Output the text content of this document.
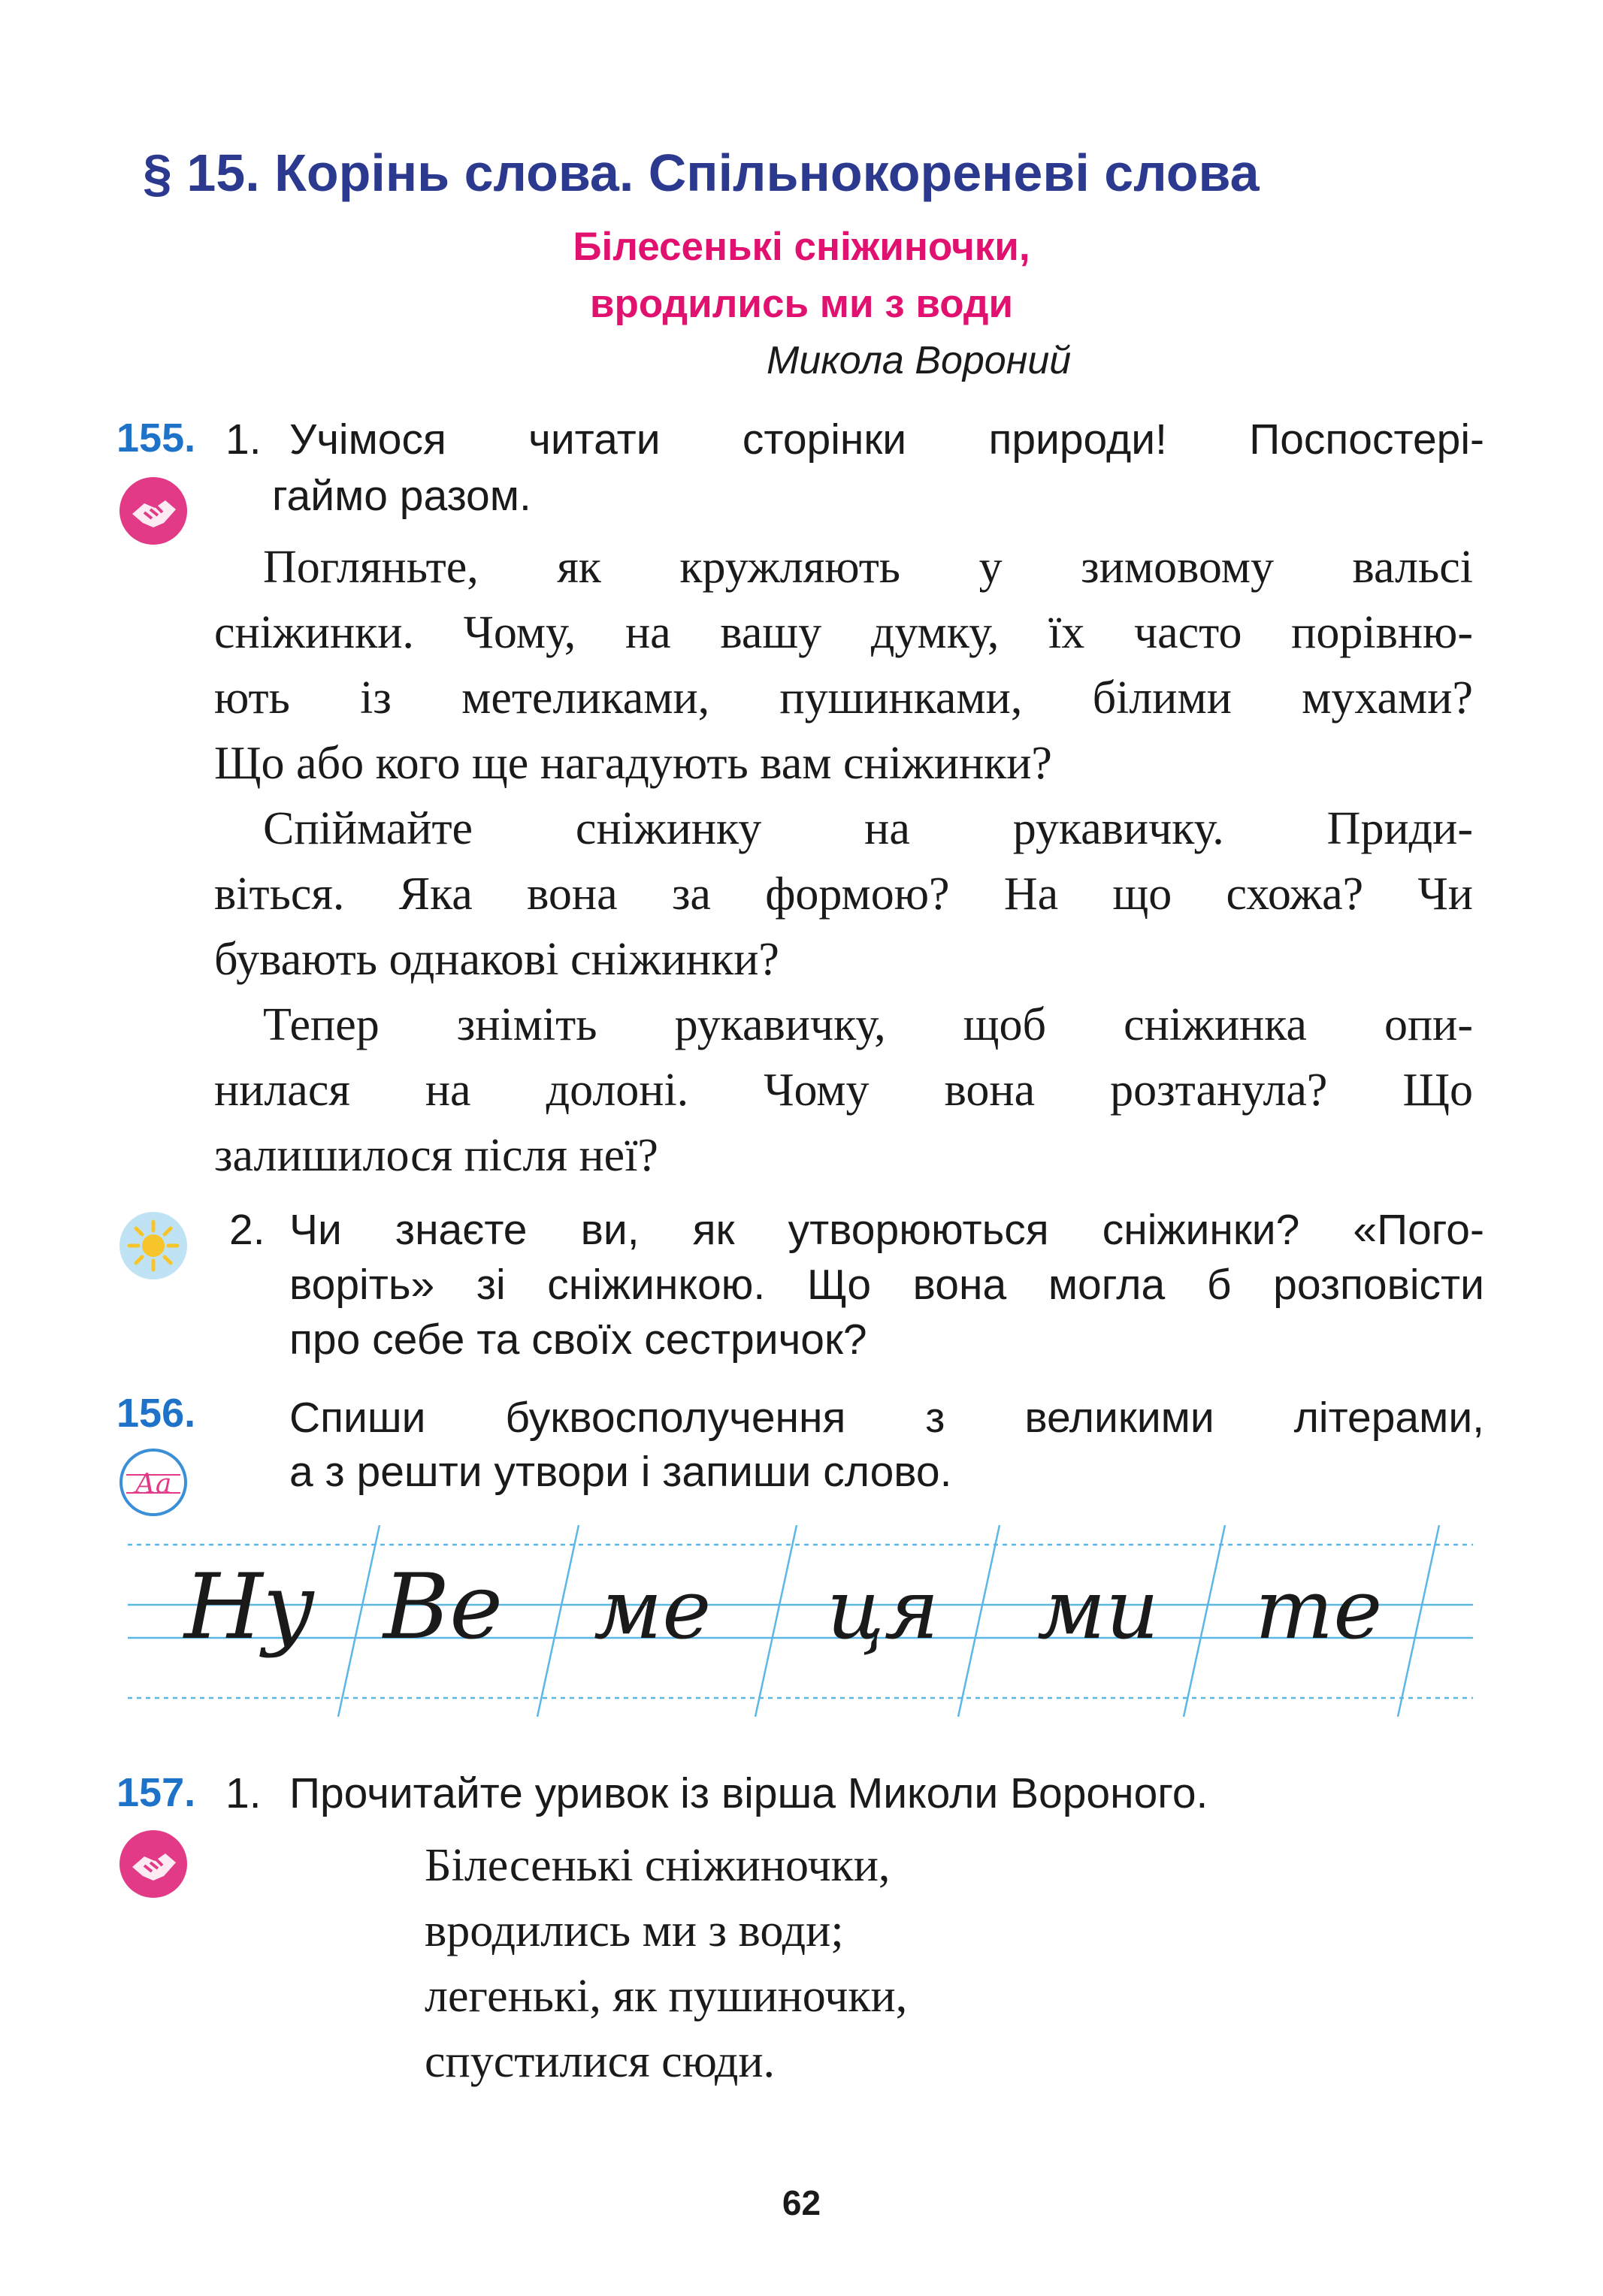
§ 15. Корінь слова. Спільнокореневі слова
Білесенькі сніжиночки,
вродились ми з води
Микола Вороний
155. 1. Учімося читати сторінки природи! Поспостері-
гаймо разом.
Погляньте, як кружляють у зимовому вальсі
сніжинки. Чому, на вашу думку, їх часто порівню-
ють із метеликами, пушинками, білими мухами?
Що або кого ще нагадують вам сніжинки?
Спіймайте сніжинку на рукавичку. Приди-
віться. Яка вона за формою? На що схожа? Чи
бувають однакові сніжинки?
Тепер зніміть рукавичку, щоб сніжинка опи-
нилася на долоні. Чому вона розтанула? Що
залишилося після неї?
2. Чи знаєте ви, як утворюються сніжинки? «Пого-
воріть» зі сніжинкою. Що вона могла б розповісти
про себе та своїх сестричок?
156.
Аа
Спиши буквосполучення з великими літерами,
а з решти утвори і запиши слово.
Ну Ве ме ця ми те
157. 1. Прочитайте уривок із вірша Миколи Вороного.
Білесенькі сніжиночки,
вродились ми з води;
легенькі, як пушиночки,
спустилися сюди.
62
